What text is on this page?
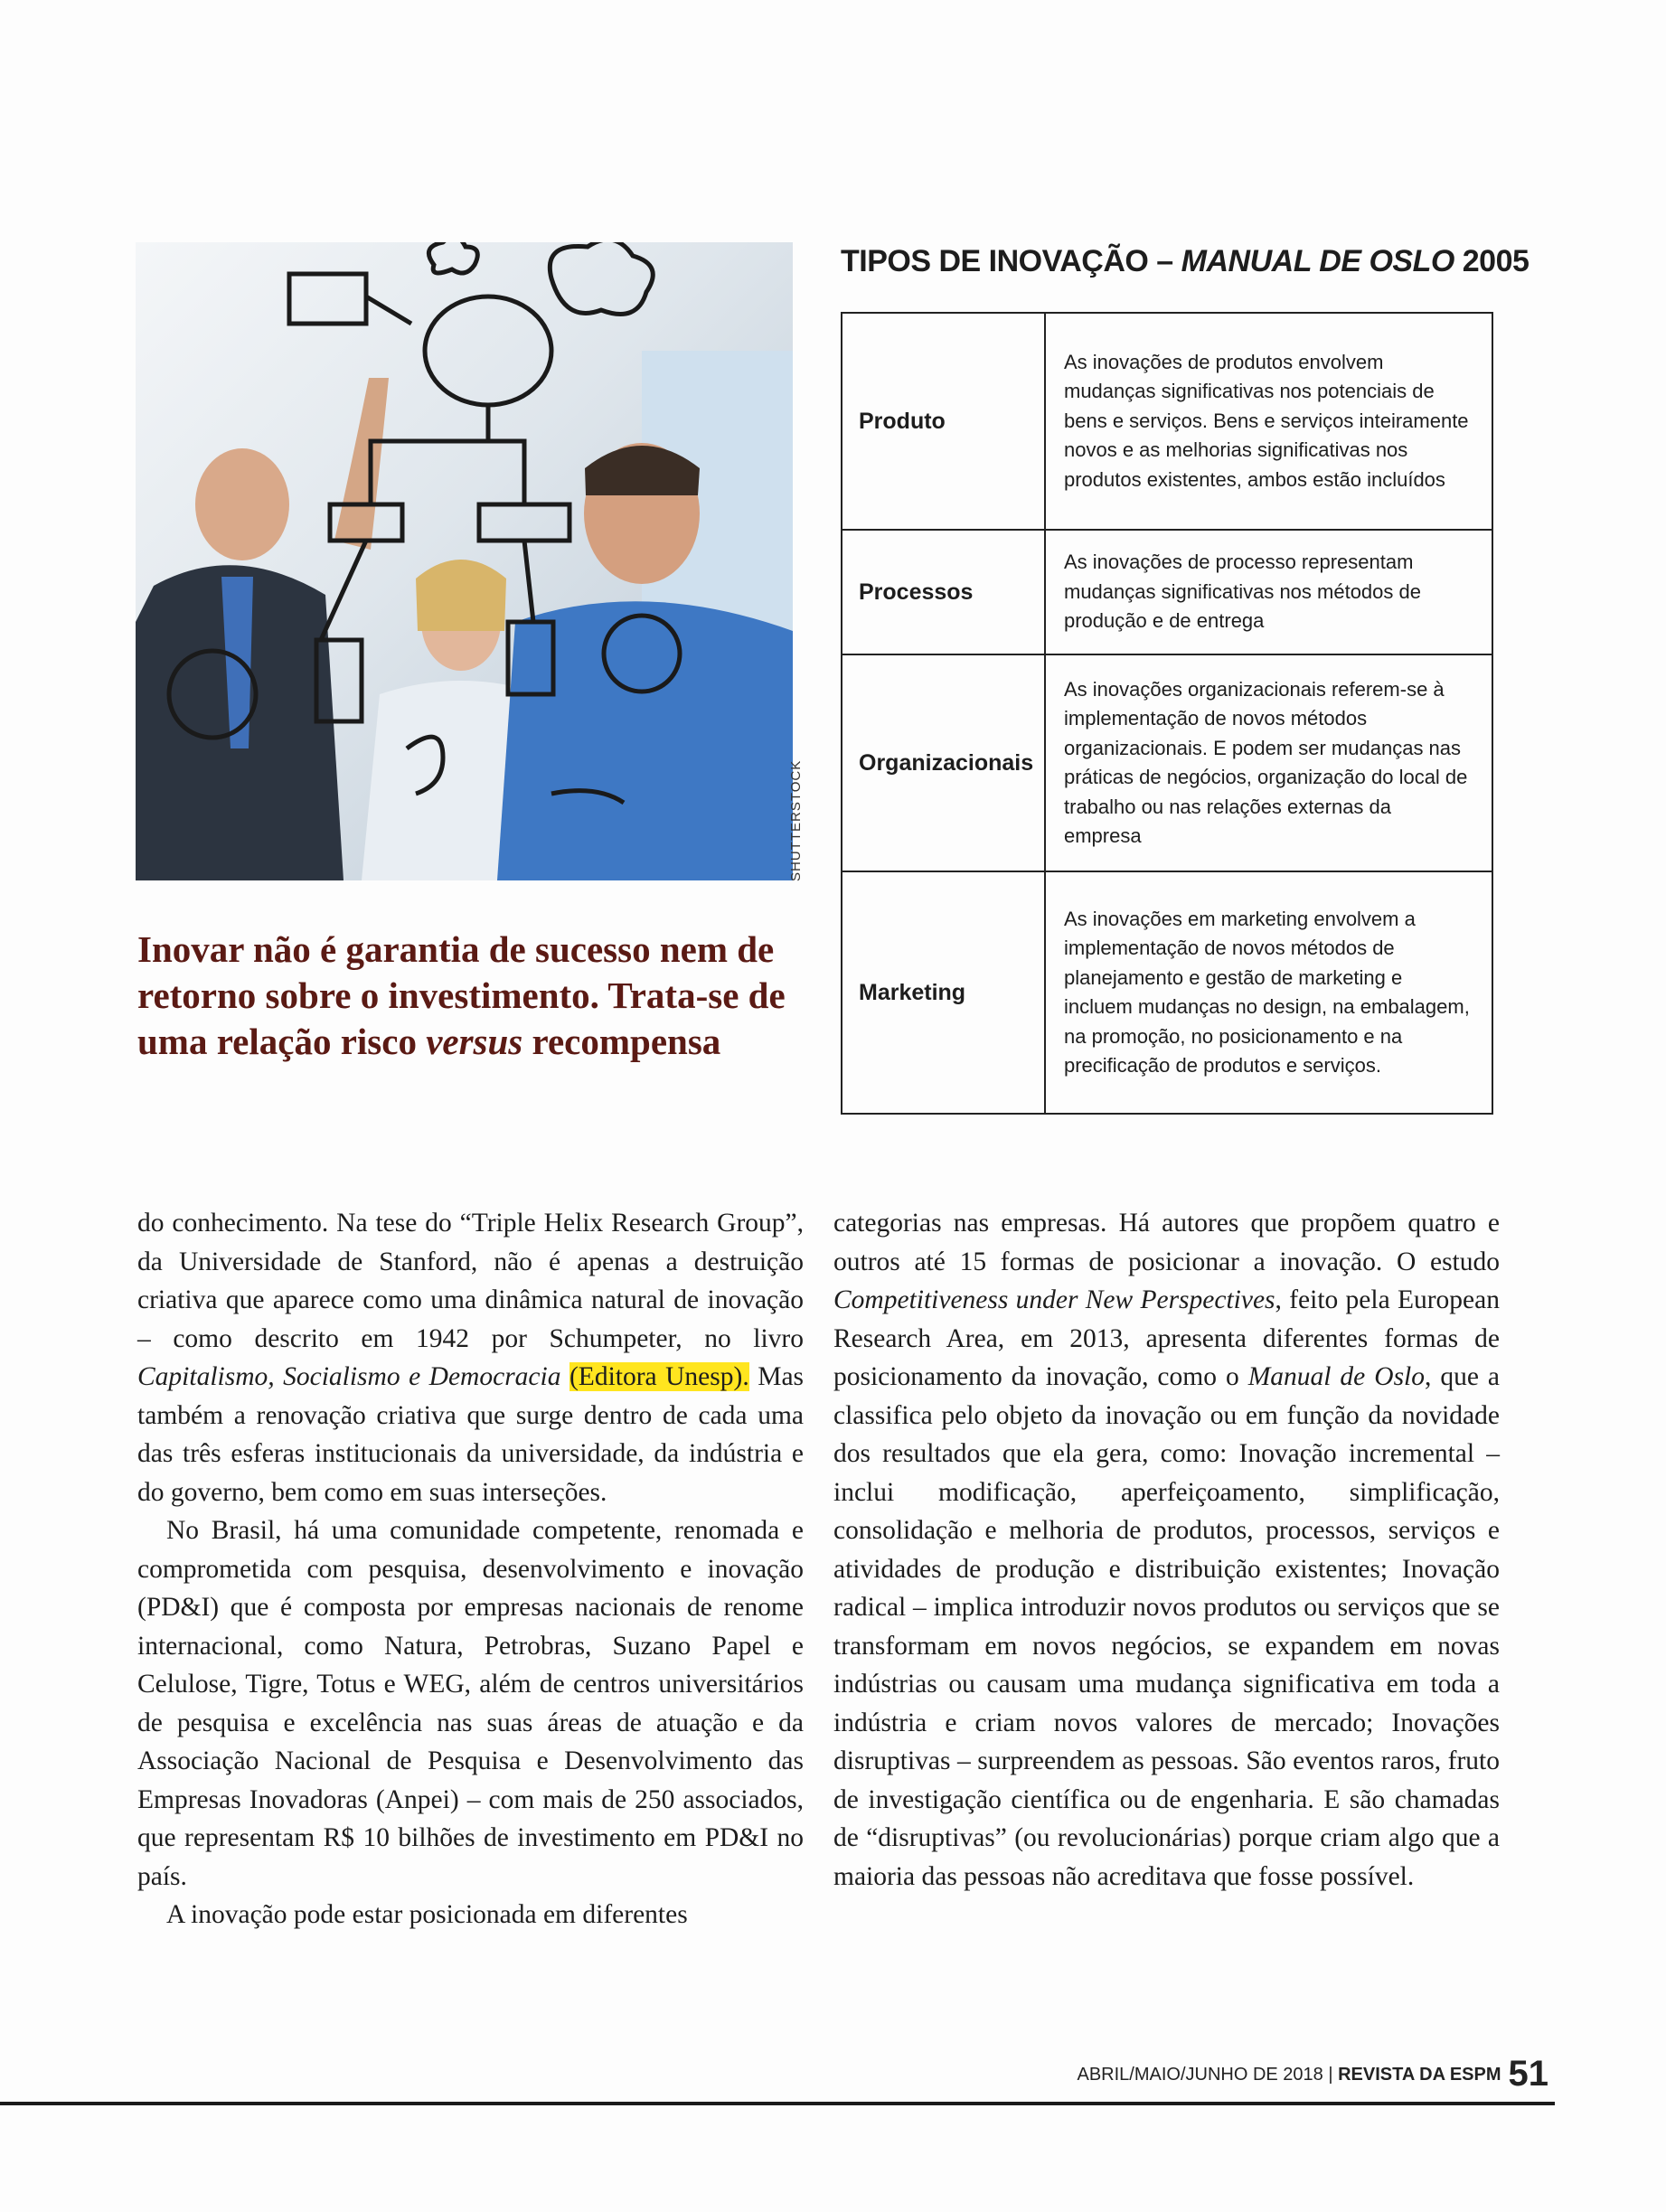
SHUTTERSTOCK
Inovar não é garantia de sucesso nem de retorno sobre o investimento. Trata-se de uma relação risco versus recompensa
TIPOS DE INOVAÇÃO – MANUAL DE OSLO 2005
Produto	As inovações de produtos envolvem mudanças significativas nos potenciais de bens e serviços. Bens e serviços inteiramente novos e as melhorias significativas nos produtos existentes, ambos estão incluídos
Processos	As inovações de processo representam mudanças significativas nos métodos de produção e de entrega
Organizacionais	As inovações organizacionais referem-se à implementação de novos métodos organizacionais. E podem ser mudanças nas práticas de negócios, organização do local de trabalho ou nas relações externas da empresa
Marketing	As inovações em marketing envolvem a implementação de novos métodos de planejamento e gestão de marketing e incluem mudanças no design, na embalagem, na promoção, no posicionamento e na precificação de produtos e serviços.

do conhecimento. Na tese do “Triple Helix Research Group”, da Universidade de Stanford, não é apenas a destruição criativa que aparece como uma dinâmica natural de inovação – como descrito em 1942 por Schumpeter, no livro Capitalismo, Socialismo e Democracia (Editora Unesp). Mas também a renovação criativa que surge dentro de cada uma das três esferas institucionais da universidade, da indústria e do governo, bem como em suas interseções.

No Brasil, há uma comunidade competente, renomada e comprometida com pesquisa, desenvolvimento e inovação (PD&I) que é composta por empresas nacionais de renome internacional, como Natura, Petrobras, Suzano Papel e Celulose, Tigre, Totus e WEG, além de centros universitários de pesquisa e excelência nas suas áreas de atuação e da Associação Nacional de Pesquisa e Desenvolvimento das Empresas Inovadoras (Anpei) – com mais de 250 associados, que representam R$ 10 bilhões de investimento em PD&I no país.

A inovação pode estar posicionada em diferentes

categorias nas empresas. Há autores que propõem quatro e outros até 15 formas de posicionar a inovação. O estudo Competitiveness under New Perspectives, feito pela European Research Area, em 2013, apresenta diferentes formas de posicionamento da inovação, como o Manual de Oslo, que a classifica pelo objeto da inovação ou em função da novidade dos resultados que ela gera, como: Inovação incremental – inclui modificação, aperfeiçoamento, simplificação, consolidação e melhoria de produtos, processos, serviços e atividades de produção e distribuição existentes; Inovação radical – implica introduzir novos produtos ou serviços que se transformam em novos negócios, se expandem em novas indústrias ou causam uma mudança significativa em toda a indústria e criam novos valores de mercado; Inovações disruptivas – surpreendem as pessoas. São eventos raros, fruto de investigação científica ou de engenharia. E são chamadas de “disruptivas” (ou revolucionárias) porque criam algo que a maioria das pessoas não acreditava que fosse possível.

ABRIL/MAIO/JUNHO DE 2018 | REVISTA DA ESPM 51
